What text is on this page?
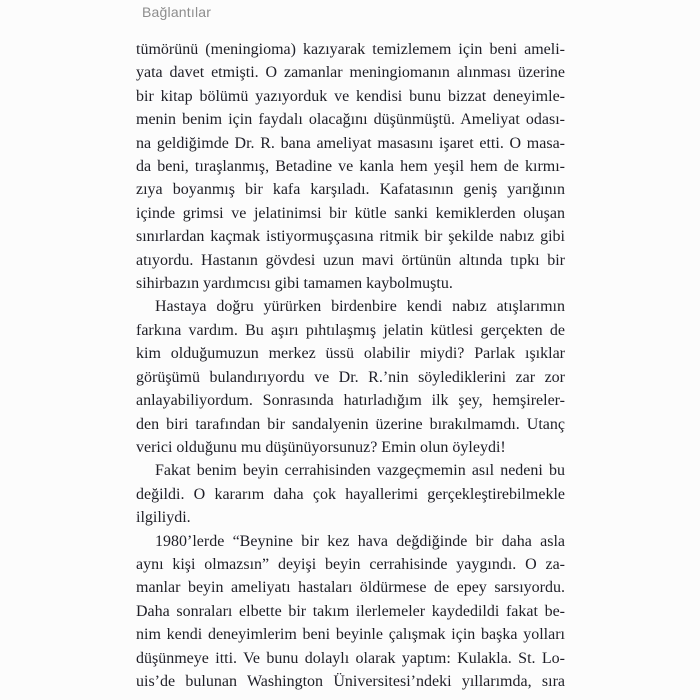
Bağlantılar
tümörünü (meningioma) kazıyarak temizlemem için beni ameli-
yata davet etmişti. O zamanlar meningiomanın alınması üzerine
bir kitap bölümü yazıyorduk ve kendisi bunu bizzat deneyimle-
menin benim için faydalı olacağını düşünmüştü. Ameliyat odası-
na geldiğimde Dr. R. bana ameliyat masasını işaret etti. O masa-
da beni, tıraşlanmış, Betadine ve kanla hem yeşil hem de kırmı-
zıya boyanmış bir kafa karşıladı. Kafatasının geniş yarığının
içinde grimsi ve jelatinimsi bir kütle sanki kemiklerden oluşan
sınırlardan kaçmak istiyormuşçasına ritmik bir şekilde nabız gibi
atıyordu. Hastanın gövdesi uzun mavi örtünün altında tıpkı bir
sihirbazın yardımcısı gibi tamamen kaybolmuştu.
Hastaya doğru yürürken birdenbire kendi nabız atışlarımın
farkına vardım. Bu aşırı pıhtılaşmış jelatin kütlesi gerçekten de
kim olduğumuzun merkez üssü olabilir miydi? Parlak ışıklar
görüşümü bulandırıyordu ve Dr. R.’nin söylediklerini zar zor
anlayabiliyordum. Sonrasında hatırladığım ilk şey, hemşireler-
den biri tarafından bir sandalyenin üzerine bırakılmamdı. Utanç
verici olduğunu mu düşünüyorsunuz? Emin olun öyleydi!
Fakat benim beyin cerrahisinden vazgeçmemin asıl nedeni bu
değildi. O kararım daha çok hayallerimi gerçekleştirebilmekle
ilgiliydi.
1980’lerde “Beynine bir kez hava değdiğinde bir daha asla
aynı kişi olmazsın” deyişi beyin cerrahisinde yaygındı. O za-
manlar beyin ameliyatı hastaları öldürmese de epey sarsıyordu.
Daha sonraları elbette bir takım ilerlemeler kaydedildi fakat be-
nim kendi deneyimlerim beni beyinle çalışmak için başka yolları
düşünmeye itti. Ve bunu dolaylı olarak yaptım: Kulakla. St. Lo-
uis’de bulunan Washington Üniversitesi’ndeki yıllarımda, sıra
